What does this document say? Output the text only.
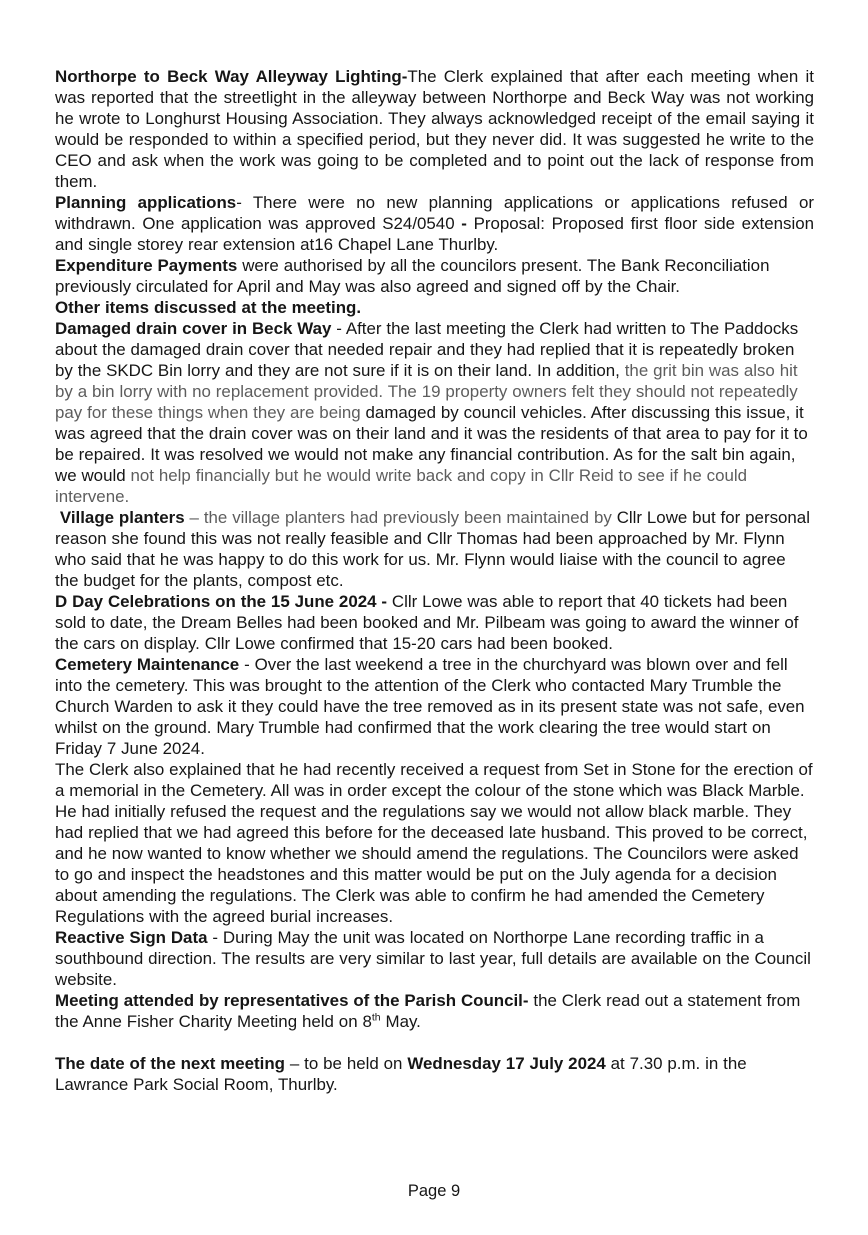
Northorpe to Beck Way Alleyway Lighting-The Clerk explained that after each meeting when it was reported that the streetlight in the alleyway between Northorpe and Beck Way was not working he wrote to Longhurst Housing Association. They always acknowledged receipt of the email saying it would be responded to within a specified period, but they never did. It was suggested he write to the CEO and ask when the work was going to be completed and to point out the lack of response from them.

Planning applications- There were no new planning applications or applications refused or withdrawn. One application was approved S24/0540 - Proposal: Proposed first floor side extension and single storey rear extension at16 Chapel Lane Thurlby.

Expenditure Payments were authorised by all the councilors present. The Bank Reconciliation previously circulated for April and May was also agreed and signed off by the Chair.

Other items discussed at the meeting.

Damaged drain cover in Beck Way - After the last meeting the Clerk had written to The Paddocks about the damaged drain cover that needed repair and they had replied that it is repeatedly broken by the SKDC Bin lorry and they are not sure if it is on their land. In addition, the grit bin was also hit by a bin lorry with no replacement provided. The 19 property owners felt they should not repeatedly pay for these things when they are being damaged by council vehicles. After discussing this issue, it was agreed that the drain cover was on their land and it was the residents of that area to pay for it to be repaired. It was resolved we would not make any financial contribution. As for the salt bin again, we would not help financially but he would write back and copy in Cllr Reid to see if he could intervene.

Village planters – the village planters had previously been maintained by Cllr Lowe but for personal reason she found this was not really feasible and Cllr Thomas had been approached by Mr. Flynn who said that he was happy to do this work for us. Mr. Flynn would liaise with the council to agree the budget for the plants, compost etc.

D Day Celebrations on the 15 June 2024 - Cllr Lowe was able to report that 40 tickets had been sold to date, the Dream Belles had been booked and Mr. Pilbeam was going to award the winner of the cars on display. Cllr Lowe confirmed that 15-20 cars had been booked.

Cemetery Maintenance - Over the last weekend a tree in the churchyard was blown over and fell into the cemetery. This was brought to the attention of the Clerk who contacted Mary Trumble the Church Warden to ask it they could have the tree removed as in its present state was not safe, even whilst on the ground. Mary Trumble had confirmed that the work clearing the tree would start on Friday 7 June 2024.

The Clerk also explained that he had recently received a request from Set in Stone for the erection of a memorial in the Cemetery. All was in order except the colour of the stone which was Black Marble. He had initially refused the request and the regulations say we would not allow black marble. They had replied that we had agreed this before for the deceased late husband. This proved to be correct, and he now wanted to know whether we should amend the regulations. The Councilors were asked to go and inspect the headstones and this matter would be put on the July agenda for a decision about amending the regulations. The Clerk was able to confirm he had amended the Cemetery Regulations with the agreed burial increases.

Reactive Sign Data - During May the unit was located on Northorpe Lane recording traffic in a southbound direction. The results are very similar to last year, full details are available on the Council website.

Meeting attended by representatives of the Parish Council- the Clerk read out a statement from the Anne Fisher Charity Meeting held on 8th May.

The date of the next meeting – to be held on Wednesday 17 July 2024 at 7.30 p.m. in the Lawrance Park Social Room, Thurlby.

Page 9
